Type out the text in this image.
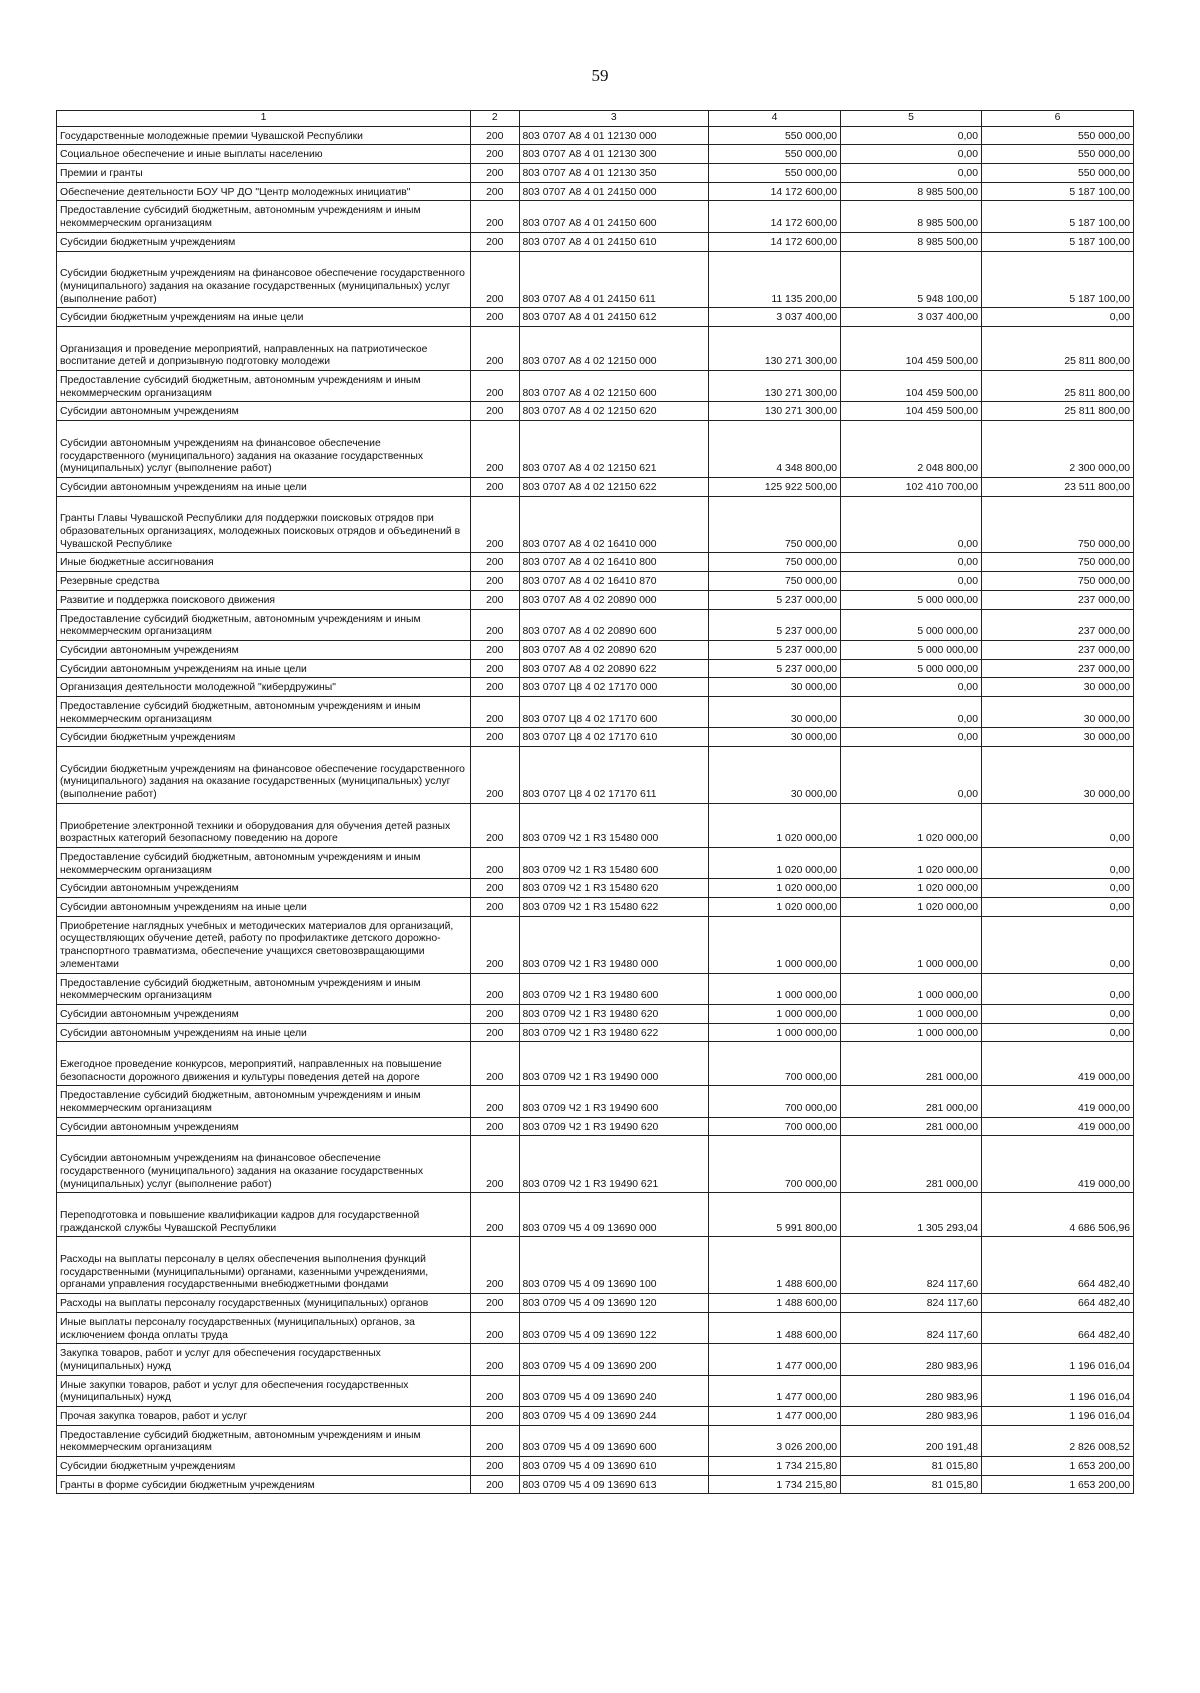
59
1	2	3	4	5	6
Государственные молодежные премии Чувашской Республики	200	803 0707 А8 4 01 12130 000	550 000,00	0,00	550 000,00
Социальное обеспечение и иные выплаты населению	200	803 0707 А8 4 01 12130 300	550 000,00	0,00	550 000,00
Премии и гранты	200	803 0707 А8 4 01 12130 350	550 000,00	0,00	550 000,00
Обеспечение деятельности БОУ ЧР ДО "Центр молодежных инициатив"	200	803 0707 А8 4 01 24150 000	14 172 600,00	8 985 500,00	5 187 100,00
Предоставление субсидий бюджетным, автономным учреждениям и иным некоммерческим организациям	200	803 0707 А8 4 01 24150 600	14 172 600,00	8 985 500,00	5 187 100,00
Субсидии бюджетным учреждениям	200	803 0707 А8 4 01 24150 610	14 172 600,00	8 985 500,00	5 187 100,00
Субсидии бюджетным учреждениям на финансовое обеспечение государственного (муниципального) задания на оказание государственных (муниципальных) услуг (выполнение работ)	200	803 0707 А8 4 01 24150 611	11 135 200,00	5 948 100,00	5 187 100,00
Субсидии бюджетным учреждениям на иные цели	200	803 0707 А8 4 01 24150 612	3 037 400,00	3 037 400,00	0,00
Организация и проведение мероприятий, направленных на патриотическое воспитание детей и допризывную подготовку молодежи	200	803 0707 А8 4 02 12150 000	130 271 300,00	104 459 500,00	25 811 800,00
Предоставление субсидий бюджетным, автономным учреждениям и иным некоммерческим организациям	200	803 0707 А8 4 02 12150 600	130 271 300,00	104 459 500,00	25 811 800,00
Субсидии автономным учреждениям	200	803 0707 А8 4 02 12150 620	130 271 300,00	104 459 500,00	25 811 800,00
Субсидии автономным учреждениям на финансовое обеспечение государственного (муниципального) задания на оказание государственных (муниципальных) услуг (выполнение работ)	200	803 0707 А8 4 02 12150 621	4 348 800,00	2 048 800,00	2 300 000,00
Субсидии автономным учреждениям на иные цели	200	803 0707 А8 4 02 12150 622	125 922 500,00	102 410 700,00	23 511 800,00
Гранты Главы Чувашской Республики для поддержки поисковых отрядов при образовательных организациях, молодежных поисковых отрядов и объединений в Чувашской Республике	200	803 0707 А8 4 02 16410 000	750 000,00	0,00	750 000,00
Иные бюджетные ассигнования	200	803 0707 А8 4 02 16410 800	750 000,00	0,00	750 000,00
Резервные средства	200	803 0707 А8 4 02 16410 870	750 000,00	0,00	750 000,00
Развитие и поддержка поискового движения	200	803 0707 А8 4 02 20890 000	5 237 000,00	5 000 000,00	237 000,00
Предоставление субсидий бюджетным, автономным учреждениям и иным некоммерческим организациям	200	803 0707 А8 4 02 20890 600	5 237 000,00	5 000 000,00	237 000,00
Субсидии автономным учреждениям	200	803 0707 А8 4 02 20890 620	5 237 000,00	5 000 000,00	237 000,00
Субсидии автономным учреждениям на иные цели	200	803 0707 А8 4 02 20890 622	5 237 000,00	5 000 000,00	237 000,00
Организация деятельности молодежной "кибердружины"	200	803 0707 Ц8 4 02 17170 000	30 000,00	0,00	30 000,00
Предоставление субсидий бюджетным, автономным учреждениям и иным некоммерческим организациям	200	803 0707 Ц8 4 02 17170 600	30 000,00	0,00	30 000,00
Субсидии бюджетным учреждениям	200	803 0707 Ц8 4 02 17170 610	30 000,00	0,00	30 000,00
Субсидии бюджетным учреждениям на финансовое обеспечение государственного (муниципального) задания на оказание государственных (муниципальных) услуг (выполнение работ)	200	803 0707 Ц8 4 02 17170 611	30 000,00	0,00	30 000,00
Приобретение электронной техники и оборудования для обучения детей разных возрастных категорий безопасному поведению на дороге	200	803 0709 Ч2 1 R3 15480 000	1 020 000,00	1 020 000,00	0,00
Предоставление субсидий бюджетным, автономным учреждениям и иным некоммерческим организациям	200	803 0709 Ч2 1 R3 15480 600	1 020 000,00	1 020 000,00	0,00
Субсидии автономным учреждениям	200	803 0709 Ч2 1 R3 15480 620	1 020 000,00	1 020 000,00	0,00
Субсидии автономным учреждениям на иные цели	200	803 0709 Ч2 1 R3 15480 622	1 020 000,00	1 020 000,00	0,00
Приобретение наглядных учебных и методических материалов для организаций, осуществляющих обучение детей, работу по профилактике детского дорожно-транспортного травматизма, обеспечение учащихся световозвращающими элементами	200	803 0709 Ч2 1 R3 19480 000	1 000 000,00	1 000 000,00	0,00
Предоставление субсидий бюджетным, автономным учреждениям и иным некоммерческим организациям	200	803 0709 Ч2 1 R3 19480 600	1 000 000,00	1 000 000,00	0,00
Субсидии автономным учреждениям	200	803 0709 Ч2 1 R3 19480 620	1 000 000,00	1 000 000,00	0,00
Субсидии автономным учреждениям на иные цели	200	803 0709 Ч2 1 R3 19480 622	1 000 000,00	1 000 000,00	0,00
Ежегодное проведение конкурсов, мероприятий, направленных на повышение безопасности дорожного движения и культуры поведения детей на дороге	200	803 0709 Ч2 1 R3 19490 000	700 000,00	281 000,00	419 000,00
Предоставление субсидий бюджетным, автономным учреждениям и иным некоммерческим организациям	200	803 0709 Ч2 1 R3 19490 600	700 000,00	281 000,00	419 000,00
Субсидии автономным учреждениям	200	803 0709 Ч2 1 R3 19490 620	700 000,00	281 000,00	419 000,00
Субсидии автономным учреждениям на финансовое обеспечение государственного (муниципального) задания на оказание государственных (муниципальных) услуг (выполнение работ)	200	803 0709 Ч2 1 R3 19490 621	700 000,00	281 000,00	419 000,00
Переподготовка и повышение квалификации кадров для государственной гражданской службы Чувашской Республики	200	803 0709 Ч5 4 09 13690 000	5 991 800,00	1 305 293,04	4 686 506,96
Расходы на выплаты персоналу в целях обеспечения выполнения функций государственными (муниципальными) органами, казенными учреждениями, органами управления государственными внебюджетными фондами	200	803 0709 Ч5 4 09 13690 100	1 488 600,00	824 117,60	664 482,40
Расходы на выплаты персоналу государственных (муниципальных) органов	200	803 0709 Ч5 4 09 13690 120	1 488 600,00	824 117,60	664 482,40
Иные выплаты персоналу государственных (муниципальных) органов, за исключением фонда оплаты труда	200	803 0709 Ч5 4 09 13690 122	1 488 600,00	824 117,60	664 482,40
Закупка товаров, работ и услуг для обеспечения государственных (муниципальных) нужд	200	803 0709 Ч5 4 09 13690 200	1 477 000,00	280 983,96	1 196 016,04
Иные закупки товаров, работ и услуг для обеспечения государственных (муниципальных) нужд	200	803 0709 Ч5 4 09 13690 240	1 477 000,00	280 983,96	1 196 016,04
Прочая закупка товаров, работ и услуг	200	803 0709 Ч5 4 09 13690 244	1 477 000,00	280 983,96	1 196 016,04
Предоставление субсидий бюджетным, автономным учреждениям и иным некоммерческим организациям	200	803 0709 Ч5 4 09 13690 600	3 026 200,00	200 191,48	2 826 008,52
Субсидии бюджетным учреждениям	200	803 0709 Ч5 4 09 13690 610	1 734 215,80	81 015,80	1 653 200,00
Гранты в форме субсидии бюджетным учреждениям	200	803 0709 Ч5 4 09 13690 613	1 734 215,80	81 015,80	1 653 200,00
